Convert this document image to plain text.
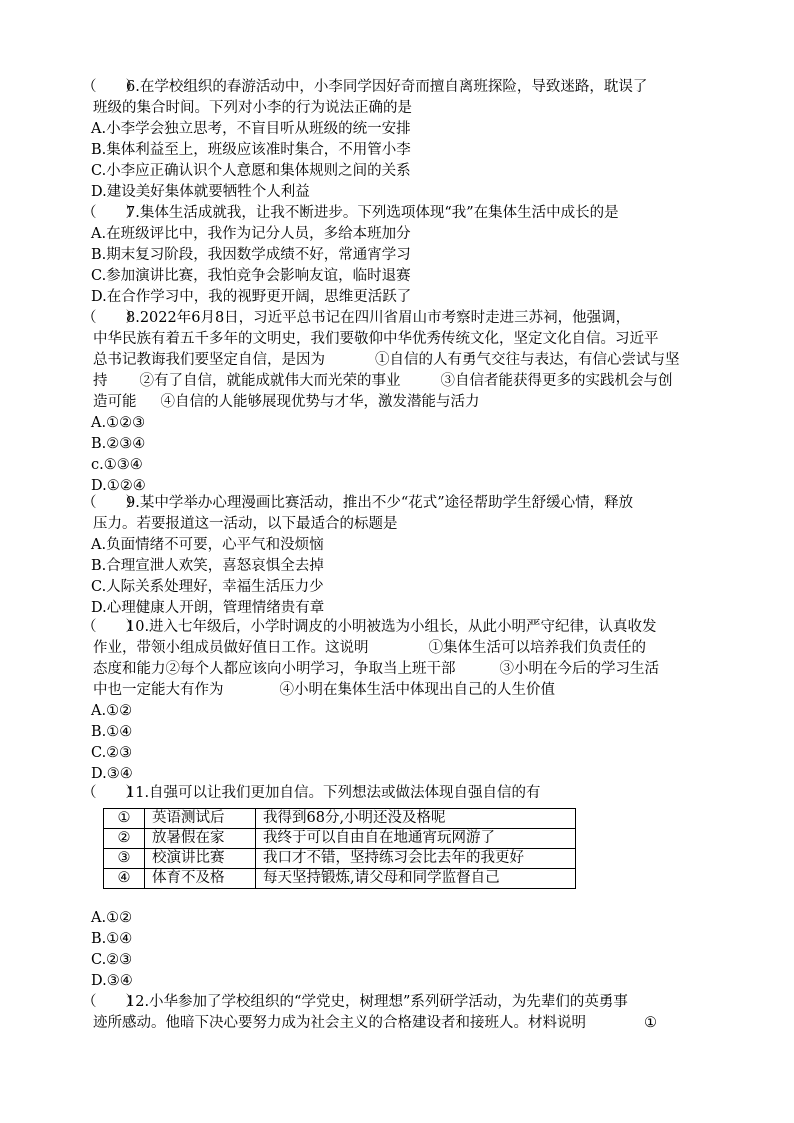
（　　）6.在学校组织的春游活动中，小李同学因好奇而擅自离班探险，导致迷路，耽误了
班级的集合时间。下列对小李的行为说法正确的是
A.小李学会独立思考，不盲目听从班级的统一安排
B.集体利益至上，班级应该准时集合，不用管小李
C.小李应正确认识个人意愿和集体规则之间的关系
D.建设美好集体就要牺牲个人利益
（　　）7.集体生活成就我，让我不断进步。下列选项体现“我”在集体生活中成长的是
A.在班级评比中，我作为记分人员，多给本班加分
B.期末复习阶段，我因数学成绩不好，常通宵学习
C.参加演讲比赛，我怕竞争会影响友谊，临时退赛
D.在合作学习中，我的视野更开阔，思维更活跃了
（　　）8.2022年6月8日，习近平总书记在四川省眉山市考察时走进三苏祠，他强调，
中华民族有着五千多年的文明史，我们要敬仰中华优秀传统文化，坚定文化自信。习近平
总书记教诲我们要坚定自信，是因为	①自信的人有勇气交往与表达，有信心尝试与坚
持 ②有了自信，就能成就伟大而光荣的事业	③自信者能获得更多的实践机会与创
造可能 ④自信的人能够展现优势与才华，激发潜能与活力
A.①②③
B.②③④
c.①③④
D.①②④
（　　）9.某中学举办心理漫画比赛活动，推出不少“花式”途径帮助学生舒缓心情，释放
压力。若要报道这一活动，以下最适合的标题是
A.负面情绪不可要，心平气和没烦恼
B.合理宣泄人欢笑，喜怒哀惧全去掉
C.人际关系处理好，幸福生活压力少
D.心理健康人开朗，管理情绪贵有章
（　　）10.进入七年级后，小学时调皮的小明被选为小组长，从此小明严守纪律，认真收发
作业，带领小组成员做好值日工作。这说明	①集体生活可以培养我们负责任的
态度和能力②每个人都应该向小明学习，争取当上班干部	③小明在今后的学习生活
中也一定能大有作为	④小明在集体生活中体现出自己的人生价值
A.①②
B.①④
C.②③
D.③④
（　　）11.自强可以让我们更加自信。下列想法或做法体现自强自信的有
①	英语测试后	我得到68分,小明还没及格呢
②	放暑假在家	我终于可以自由自在地通宵玩网游了
③	校演讲比赛	我口才不错，坚持练习会比去年的我更好
④	体育不及格	每天坚持锻炼,请父母和同学监督自己
A.①②
B.①④
C.②③
D.③④
（　　）12.小华参加了学校组织的“学党史，树理想”系列研学活动，为先辈们的英勇事
迹所感动。他暗下决心要努力成为社会主义的合格建设者和接班人。材料说明	①
